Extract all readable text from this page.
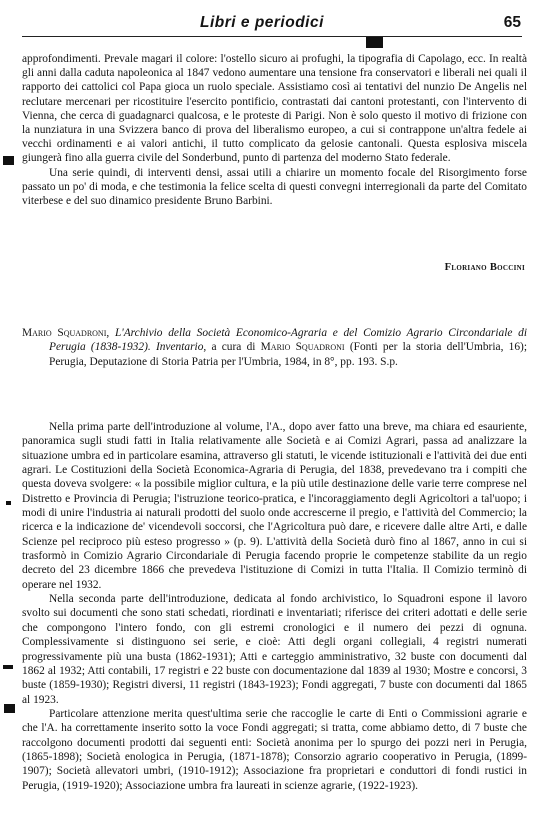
Libri e periodici	65

approfondimenti. Prevale magari il colore: l'ostello sicuro ai profughi, la tipografia di Capolago, ecc. In realtà gli anni dalla caduta napoleonica al 1847 vedono aumentare una tensione fra conservatori e liberali nei quali il rapporto dei cattolici col Papa gioca un ruolo speciale. Assistiamo così ai tentativi del nunzio De Angelis nel reclutare mercenari per ricostituire l'esercito pontificio, contrastati dai cantoni protestanti, con l'intervento di Vienna, che cerca di guadagnarci qualcosa, e le proteste di Parigi. Non è solo questo il motivo di frizione con la nunziatura in una Svizzera banco di prova del liberalismo europeo, a cui si contrappone un'altra fedele ai vecchi ordinamenti e ai valori antichi, il tutto complicato da gelosie cantonali. Questa esplosiva miscela giungerà fino alla guerra civile del Sonderbund, punto di partenza del moderno Stato federale.

Una serie quindi, di interventi densi, assai utili a chiarire un momento focale del Risorgimento forse passato un po' di moda, e che testimonia la felice scelta di questi convegni interregionali da parte del Comitato viterbese e del suo dinamico presidente Bruno Barbini.

Floriano Boccini

Mario Squadroni, L'Archivio della Società Economico-Agraria e del Comizio Agrario Circondariale di Perugia (1838-1932). Inventario, a cura di Mario Squadroni (Fonti per la storia dell'Umbria, 16); Perugia, Deputazione di Storia Patria per l'Umbria, 1984, in 8°, pp. 193. S.p.

Nella prima parte dell'introduzione al volume, l'A., dopo aver fatto una breve, ma chiara ed esauriente, panoramica sugli studi fatti in Italia relativamente alle Società e ai Comizi Agrari, passa ad analizzare la situazione umbra ed in particolare esamina, attraverso gli statuti, le vicende istituzionali e l'attività dei due enti agrari. Le Costituzioni della Società Economica-Agraria di Perugia, del 1838, prevedevano tra i compiti che questa doveva svolgere: « la possibile miglior cultura, e la più utile destinazione delle varie terre comprese nel Distretto e Provincia di Perugia; l'istruzione teorico-pratica, e l'incoraggiamento degli Agricoltori a tal'uopo; i modi di unire l'industria ai naturali prodotti del suolo onde accrescerne il pregio, e l'attività del Commercio; la ricerca e la indicazione de' vicendevoli soccorsi, che l'Agricoltura può dare, e ricevere dalle altre Arti, e dalle Scienze pel reciproco più esteso progresso » (p. 9). L'attività della Società durò fino al 1867, anno in cui si trasformò in Comizio Agrario Circondariale di Perugia facendo proprie le competenze stabilite da un regio decreto del 23 dicembre 1866 che prevedeva l'istituzione di Comizi in tutta l'Italia. Il Comizio terminò di operare nel 1932.

Nella seconda parte dell'introduzione, dedicata al fondo archivistico, lo Squadroni espone il lavoro svolto sui documenti che sono stati schedati, riordinati e inventariati; riferisce dei criteri adottati e delle serie che compongono l'intero fondo, con gli estremi cronologici e il numero dei pezzi di ognuna. Complessivamente si distinguono sei serie, e cioè: Atti degli organi collegiali, 4 registri numerati progressivamente più una busta (1862-1931); Atti e carteggio amministrativo, 32 buste con documenti dal 1862 al 1932; Atti contabili, 17 registri e 22 buste con documentazione dal 1839 al 1930; Mostre e concorsi, 3 buste (1859-1930); Registri diversi, 11 registri (1843-1923); Fondi aggregati, 7 buste con documenti dal 1865 al 1923.

Particolare attenzione merita quest'ultima serie che raccoglie le carte di Enti o Commissioni agrarie e che l'A. ha correttamente inserito sotto la voce Fondi aggregati; si tratta, come abbiamo detto, di 7 buste che raccolgono documenti prodotti dai seguenti enti: Società anonima per lo spurgo dei pozzi neri in Perugia, (1865-1898); Società enologica in Perugia, (1871-1878); Consorzio agrario cooperativo in Perugia, (1899-1907); Società allevatori umbri, (1910-1912); Associazione fra proprietari e conduttori di fondi rustici in Perugia, (1919-1920); Associazione umbra fra laureati in scienze agrarie, (1922-1923).
